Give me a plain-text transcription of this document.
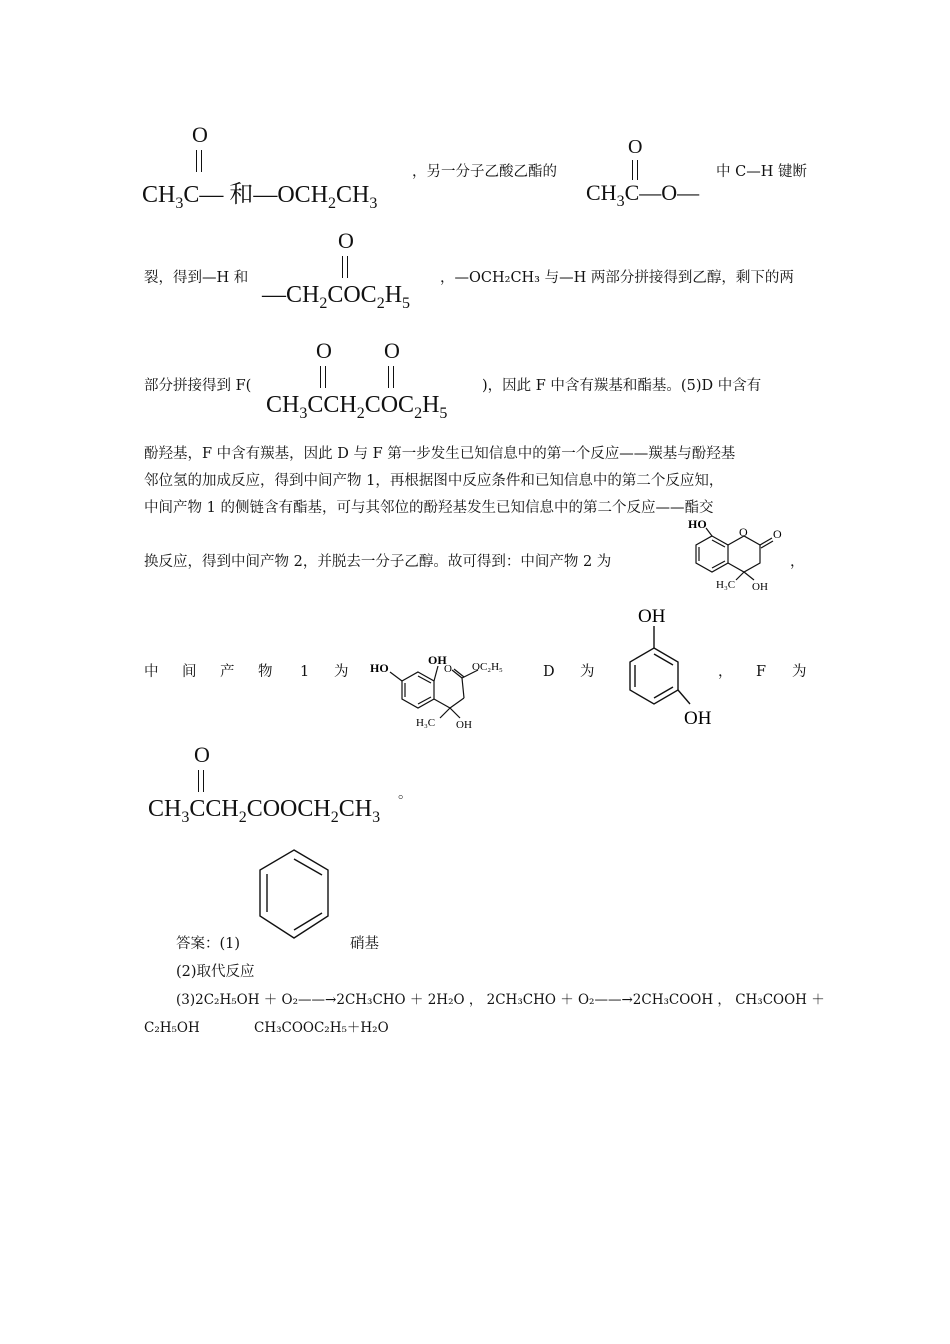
O
$CH_3C—$ 和$—OCH_2CH_3$
，另一分子乙酸乙酯的
O
$CH_3C—O—$
中 C—H 键断
裂，得到—H 和
O
$—CH_2COC_2H_5$
，—OCH₂CH₃ 与—H 两部分拼接得到乙醇，剩下的两
部分拼接得到 F(
O O
$CH_3CCH_2COC_2H_5$
)，因此 F 中含有羰基和酯基。(5)D 中含有
酚羟基，F 中含有羰基，因此 D 与 F 第一步发生已知信息中的第一个反应——羰基与酚羟基
邻位氢的加成反应，得到中间产物 1，再根据图中反应条件和已知信息中的第二个反应知，
中间产物 1 的侧链含有酯基，可与其邻位的酚羟基发生已知信息中的第二个反应——酯交
换反应，得到中间产物 2，并脱去一分子乙醇。故可得到：中间产物 2 为
HO
O O
H₃C OH
，
中 间 产 物 1 为 HO
OH
O OC₂H₅
H₃C OH
D 为
OH
OH
， F 为
O
$CH_3CCH_2COOCH_2CH_3$
。
答案：(1)	硝基
(2)取代反应
(3)2C₂H₅OH ＋ O₂——→2CH₃CHO ＋ 2H₂O ， 2CH₃CHO ＋ O₂——→2CH₃COOH ， CH₃COOH ＋
C₂H₅OH	CH₃COOC₂H₅＋H₂O
